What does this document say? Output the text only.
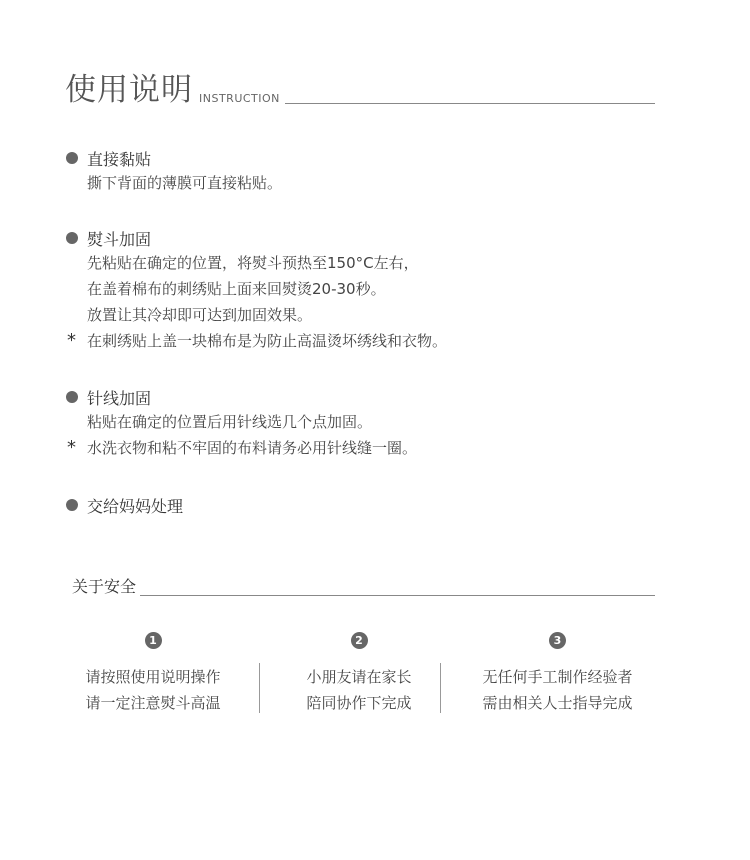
使用说明 INSTRUCTION
直接黏贴
撕下背面的薄膜可直接粘贴。
熨斗加固
先粘贴在确定的位置，将熨斗预热至150°C左右，
在盖着棉布的刺绣贴上面来回熨烫20-30秒。
放置让其冷却即可达到加固效果。
* 在刺绣贴上盖一块棉布是为防止高温烫坏绣线和衣物。
针线加固
粘贴在确定的位置后用针线选几个点加固。
* 水洗衣物和粘不牢固的布料请务必用针线缝一圈。
交给妈妈处理
关于安全
1
请按照使用说明操作
请一定注意熨斗高温
2
小朋友请在家长
陪同协作下完成
3
无任何手工制作经验者
需由相关人士指导完成
